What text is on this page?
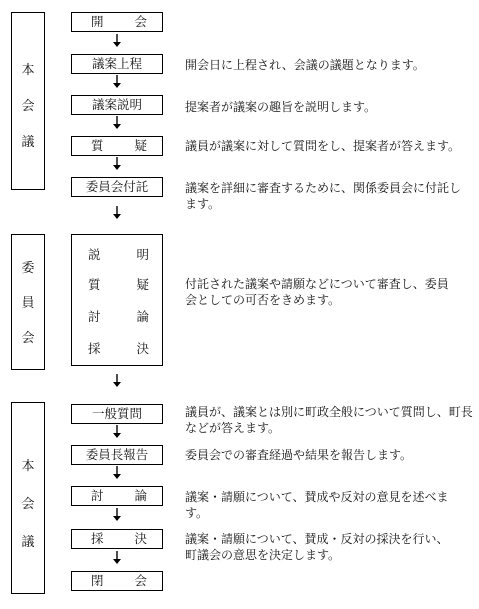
本
会
議
委
員
会
本
会
議
開 会
議案上程
議案説明
質 疑
委員会付託
説	明
質	疑
討	論
採	決
一般質問
委員長報告
討 論
採 決
閉 会
開会日に上程され、会議の議題となります。
提案者が議案の趣旨を説明します。
議員が議案に対して質問をし、提案者が答えます。
議案を詳細に審査するために、関係委員会に付託します。
付託された議案や請願などについて審査し、委員会としての可否をきめます。
議員が、議案とは別に町政全般について質問し、町長などが答えます。
委員会での審査経過や結果を報告します。
議案・請願について、賛成や反対の意見を述べます。
議案・請願について、賛成・反対の採決を行い、町議会の意思を決定します。
